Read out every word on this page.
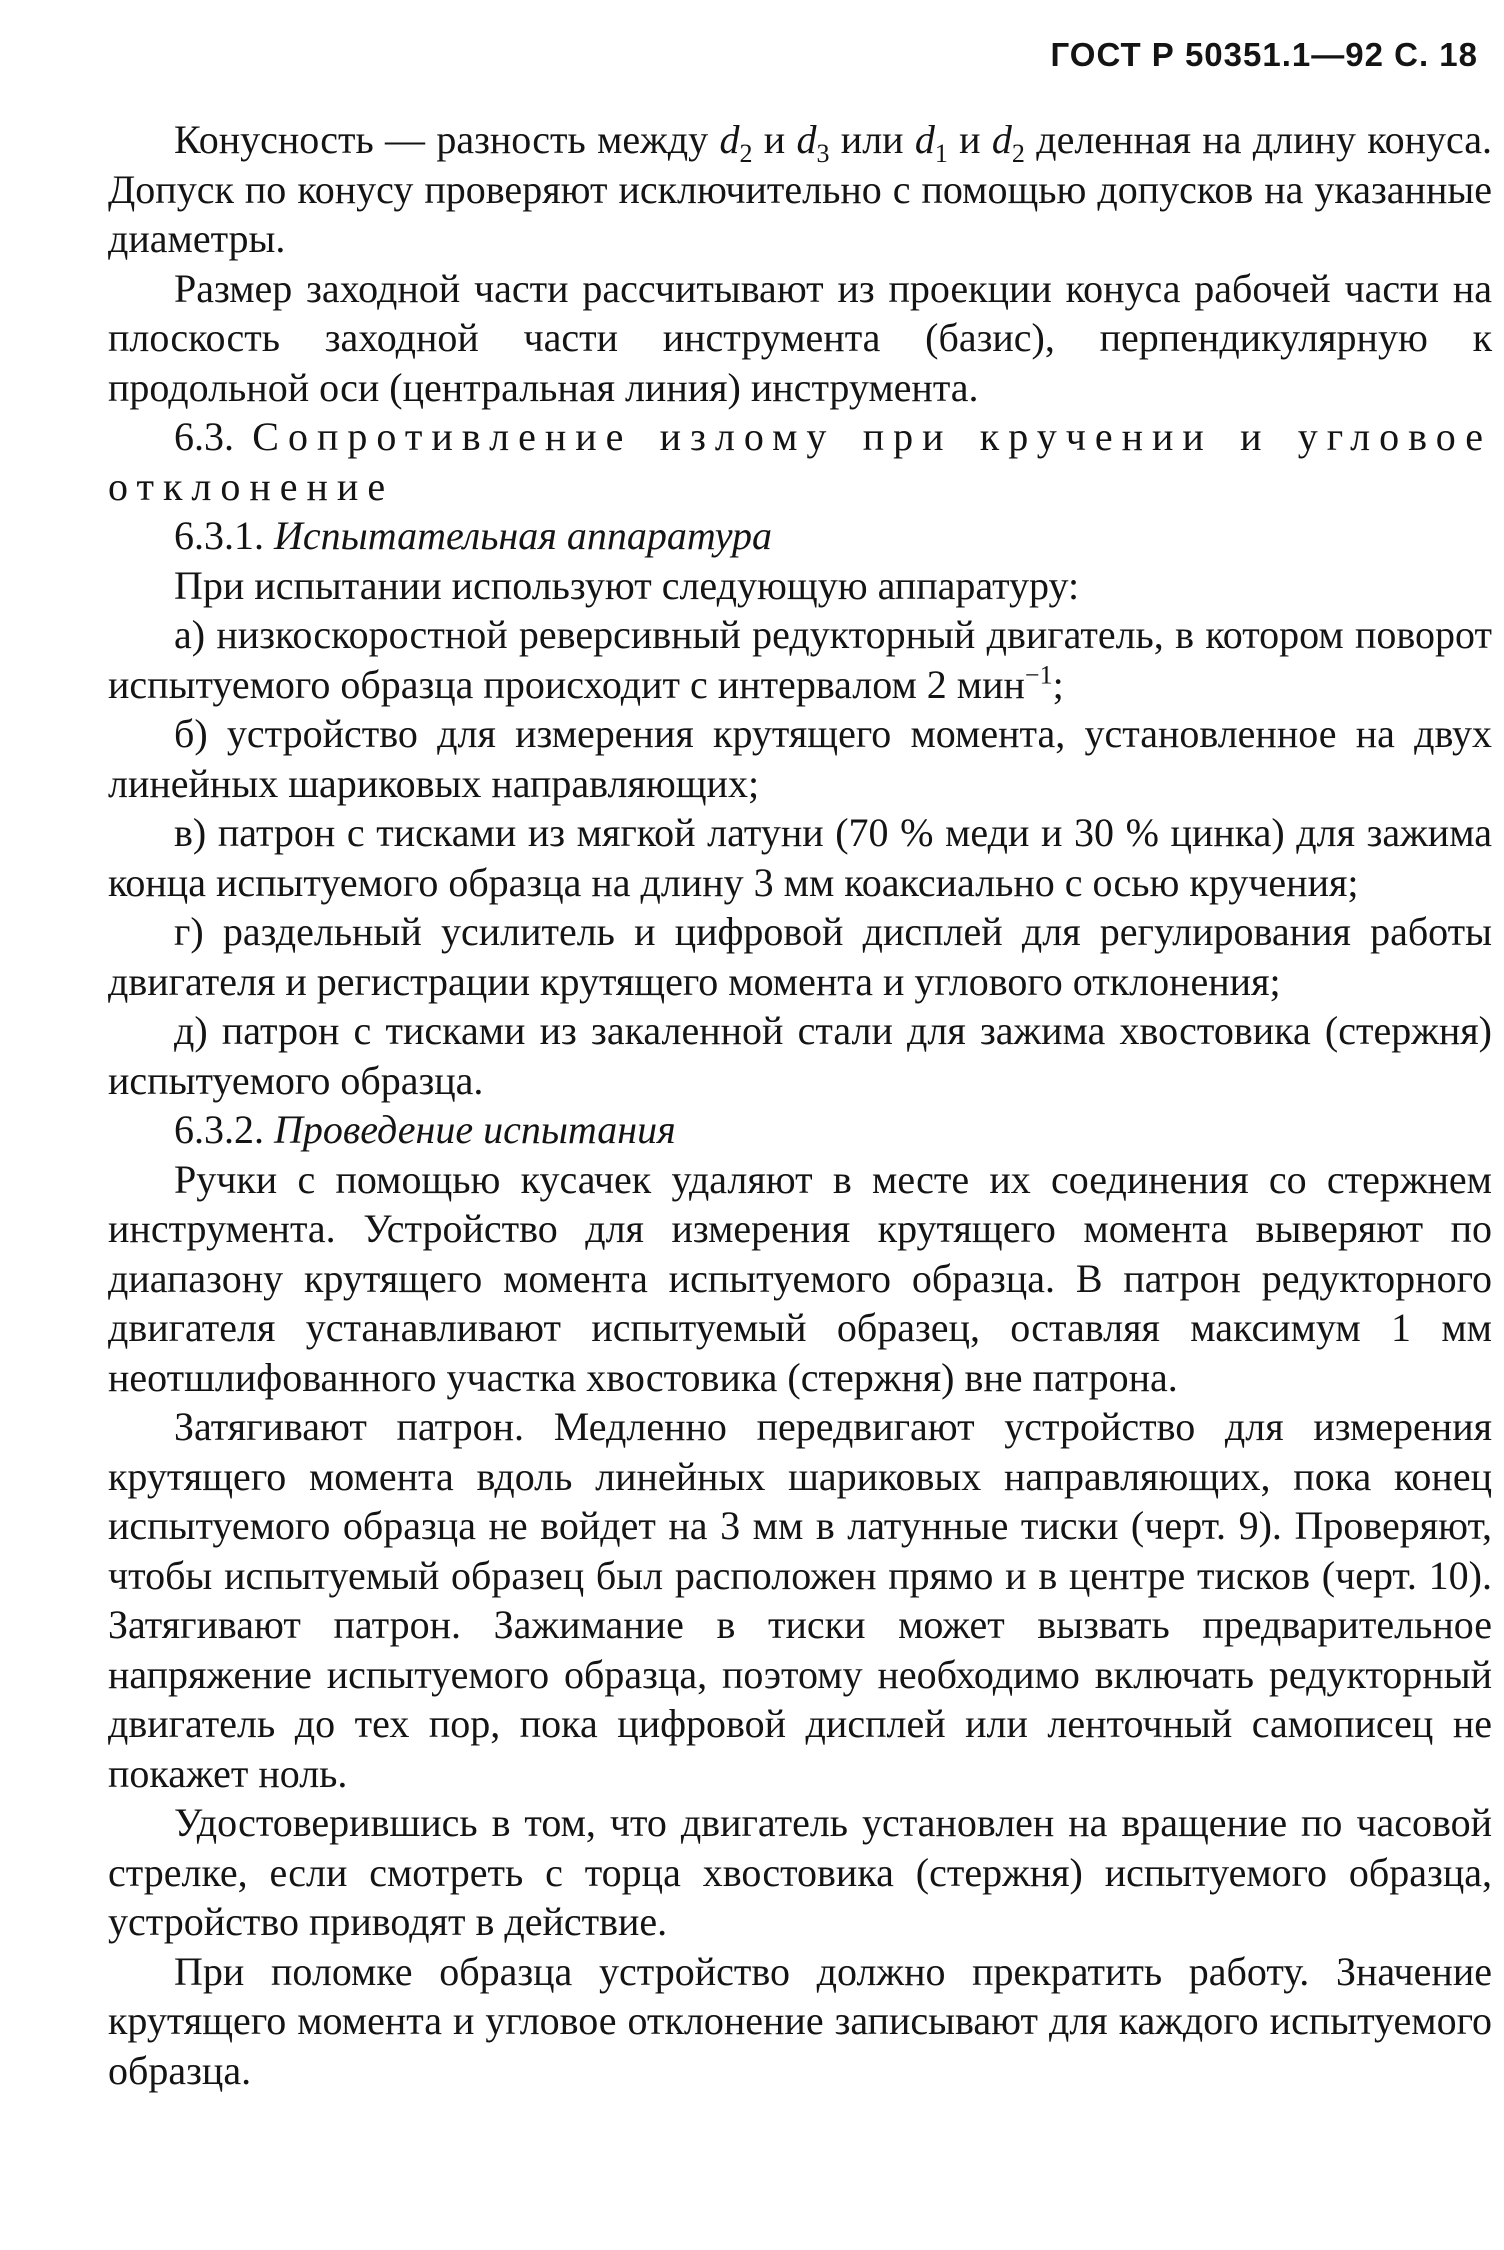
ГОСТ Р 50351.1—92 С. 18

Конусность — разность между $d_2$ и $d_3$ или $d_1$ и $d_2$ деленная на длину конуса. Допуск по конусу проверяют исключительно с помощью допусков на указанные диаметры.

Размер заходной части рассчитывают из проекции конуса рабочей части на плоскость заходной части инструмента (базис), перпендикулярную к продольной оси (центральная линия) инструмента.

6.3. Сопротивление излому при кручении и угловое отклонение

6.3.1. Испытательная аппаратура

При испытании используют следующую аппаратуру:

а) низкоскоростной реверсивный редукторный двигатель, в котором поворот испытуемого образца происходит с интервалом 2 мин$^{-1}$;

б) устройство для измерения крутящего момента, установленное на двух линейных шариковых направляющих;

в) патрон с тисками из мягкой латуни (70 % меди и 30 % цинка) для зажима конца испытуемого образца на длину 3 мм коаксиально с осью кручения;

г) раздельный усилитель и цифровой дисплей для регулирования работы двигателя и регистрации крутящего момента и углового отклонения;

д) патрон с тисками из закаленной стали для зажима хвостовика (стержня) испытуемого образца.

6.3.2. Проведение испытания

Ручки с помощью кусачек удаляют в месте их соединения со стержнем инструмента. Устройство для измерения крутящего момента выверяют по диапазону крутящего момента испытуемого образца. В патрон редукторного двигателя устанавливают испытуемый образец, оставляя максимум 1 мм неотшлифованного участка хвостовика (стержня) вне патрона.

Затягивают патрон. Медленно передвигают устройство для измерения крутящего момента вдоль линейных шариковых направляющих, пока конец испытуемого образца не войдет на 3 мм в латунные тиски (черт. 9). Проверяют, чтобы испытуемый образец был расположен прямо и в центре тисков (черт. 10). Затягивают патрон. Зажимание в тиски может вызвать предварительное напряжение испытуемого образца, поэтому необходимо включать редукторный двигатель до тех пор, пока цифровой дисплей или ленточный самописец не покажет ноль.

Удостоверившись в том, что двигатель установлен на вращение по часовой стрелке, если смотреть с торца хвостовика (стержня) испытуемого образца, устройство приводят в действие.

При поломке образца устройство должно прекратить работу. Значение крутящего момента и угловое отклонение записывают для каждого испытуемого образца.
